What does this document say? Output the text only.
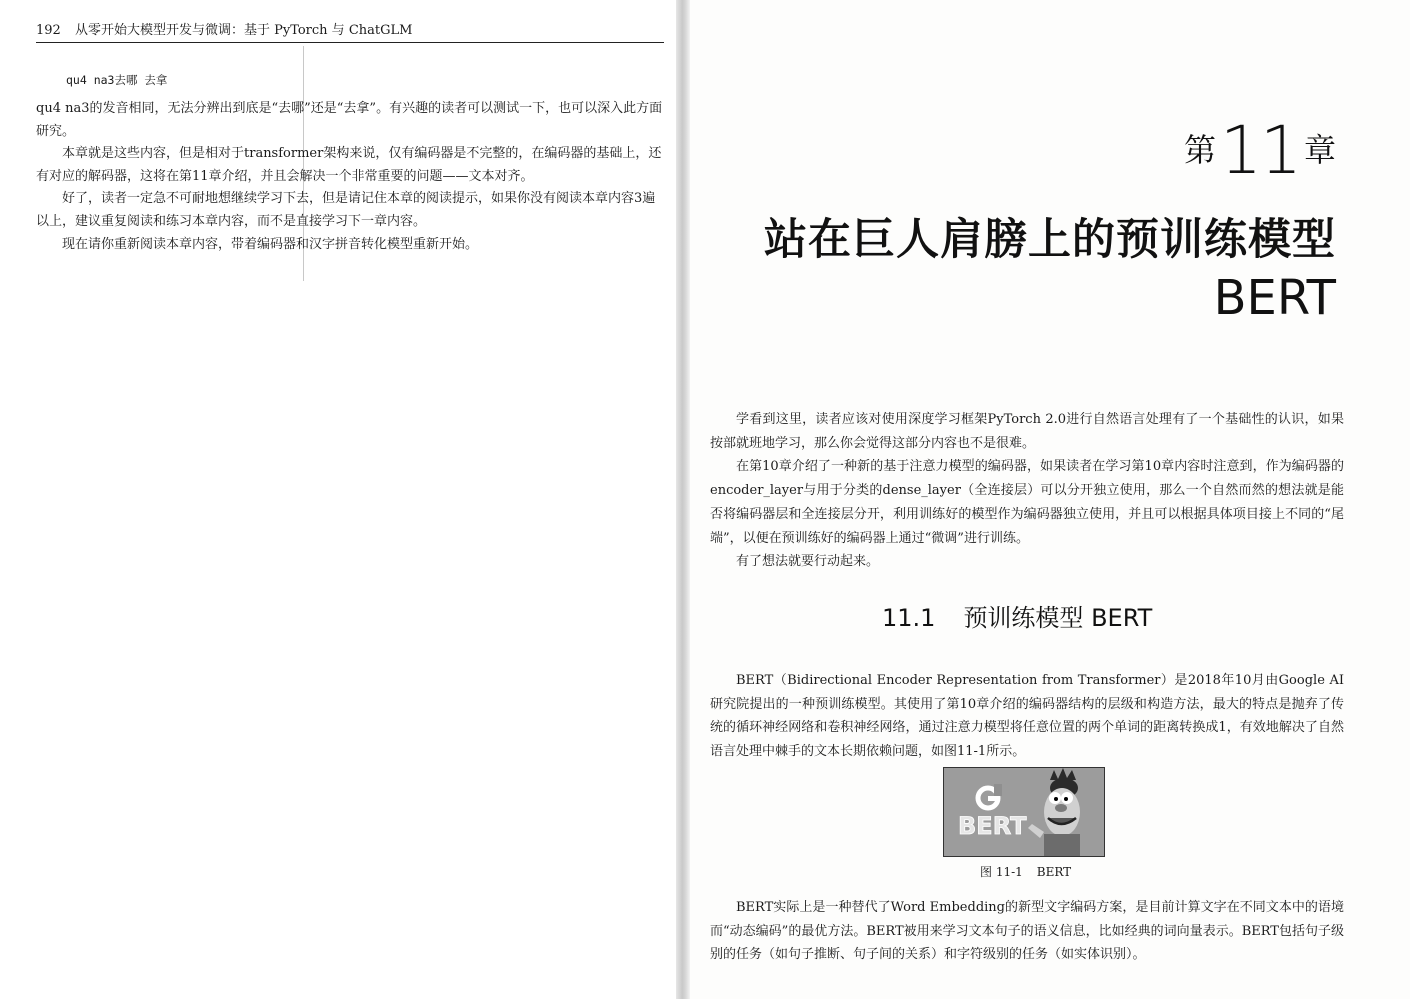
192 从零开始大模型开发与微调：基于 PyTorch 与 ChatGLM
qu4 na3去哪 去拿

qu4 na3的发音相同，无法分辨出到底是“去哪”还是“去拿”。有兴趣的读者可以测试一下，也可以深入此方面研究。

本章就是这些内容，但是相对于transformer架构来说，仅有编码器是不完整的，在编码器的基础上，还有对应的解码器，这将在第11章介绍，并且会解决一个非常重要的问题——文本对齐。

好了，读者一定急不可耐地想继续学习下去，但是请记住本章的阅读提示，如果你没有阅读本章内容3遍以上，建议重复阅读和练习本章内容，而不是直接学习下一章内容。

现在请你重新阅读本章内容，带着编码器和汉字拼音转化模型重新开始。

第11 章
站在巨人肩膀上的预训练模型
BERT

学看到这里，读者应该对使用深度学习框架PyTorch 2.0进行自然语言处理有了一个基础性的认识，如果按部就班地学习，那么你会觉得这部分内容也不是很难。

在第10章介绍了一种新的基于注意力模型的编码器，如果读者在学习第10章内容时注意到，作为编码器的encoder_layer与用于分类的dense_layer（全连接层）可以分开独立使用，那么一个自然而然的想法就是能否将编码器层和全连接层分开，利用训练好的模型作为编码器独立使用，并且可以根据具体项目接上不同的“尾端”，以便在预训练好的编码器上通过“微调”进行训练。

有了想法就要行动起来。

11.1 预训练模型 BERT

BERT（Bidirectional Encoder Representation from Transformer）是2018年10月由Google AI研究院提出的一种预训练模型。其使用了第10章介绍的编码器结构的层级和构造方法，最大的特点是抛弃了传统的循环神经网络和卷积神经网络，通过注意力模型将任意位置的两个单词的距离转换成1，有效地解决了自然语言处理中棘手的文本长期依赖问题，如图11-1所示。

BERT
图 11-1 BERT

BERT实际上是一种替代了Word Embedding的新型文字编码方案，是目前计算文字在不同文本中的语境而“动态编码”的最优方法。BERT被用来学习文本句子的语义信息，比如经典的词向量表示。BERT包括句子级别的任务（如句子推断、句子间的关系）和字符级别的任务（如实体识别）。
